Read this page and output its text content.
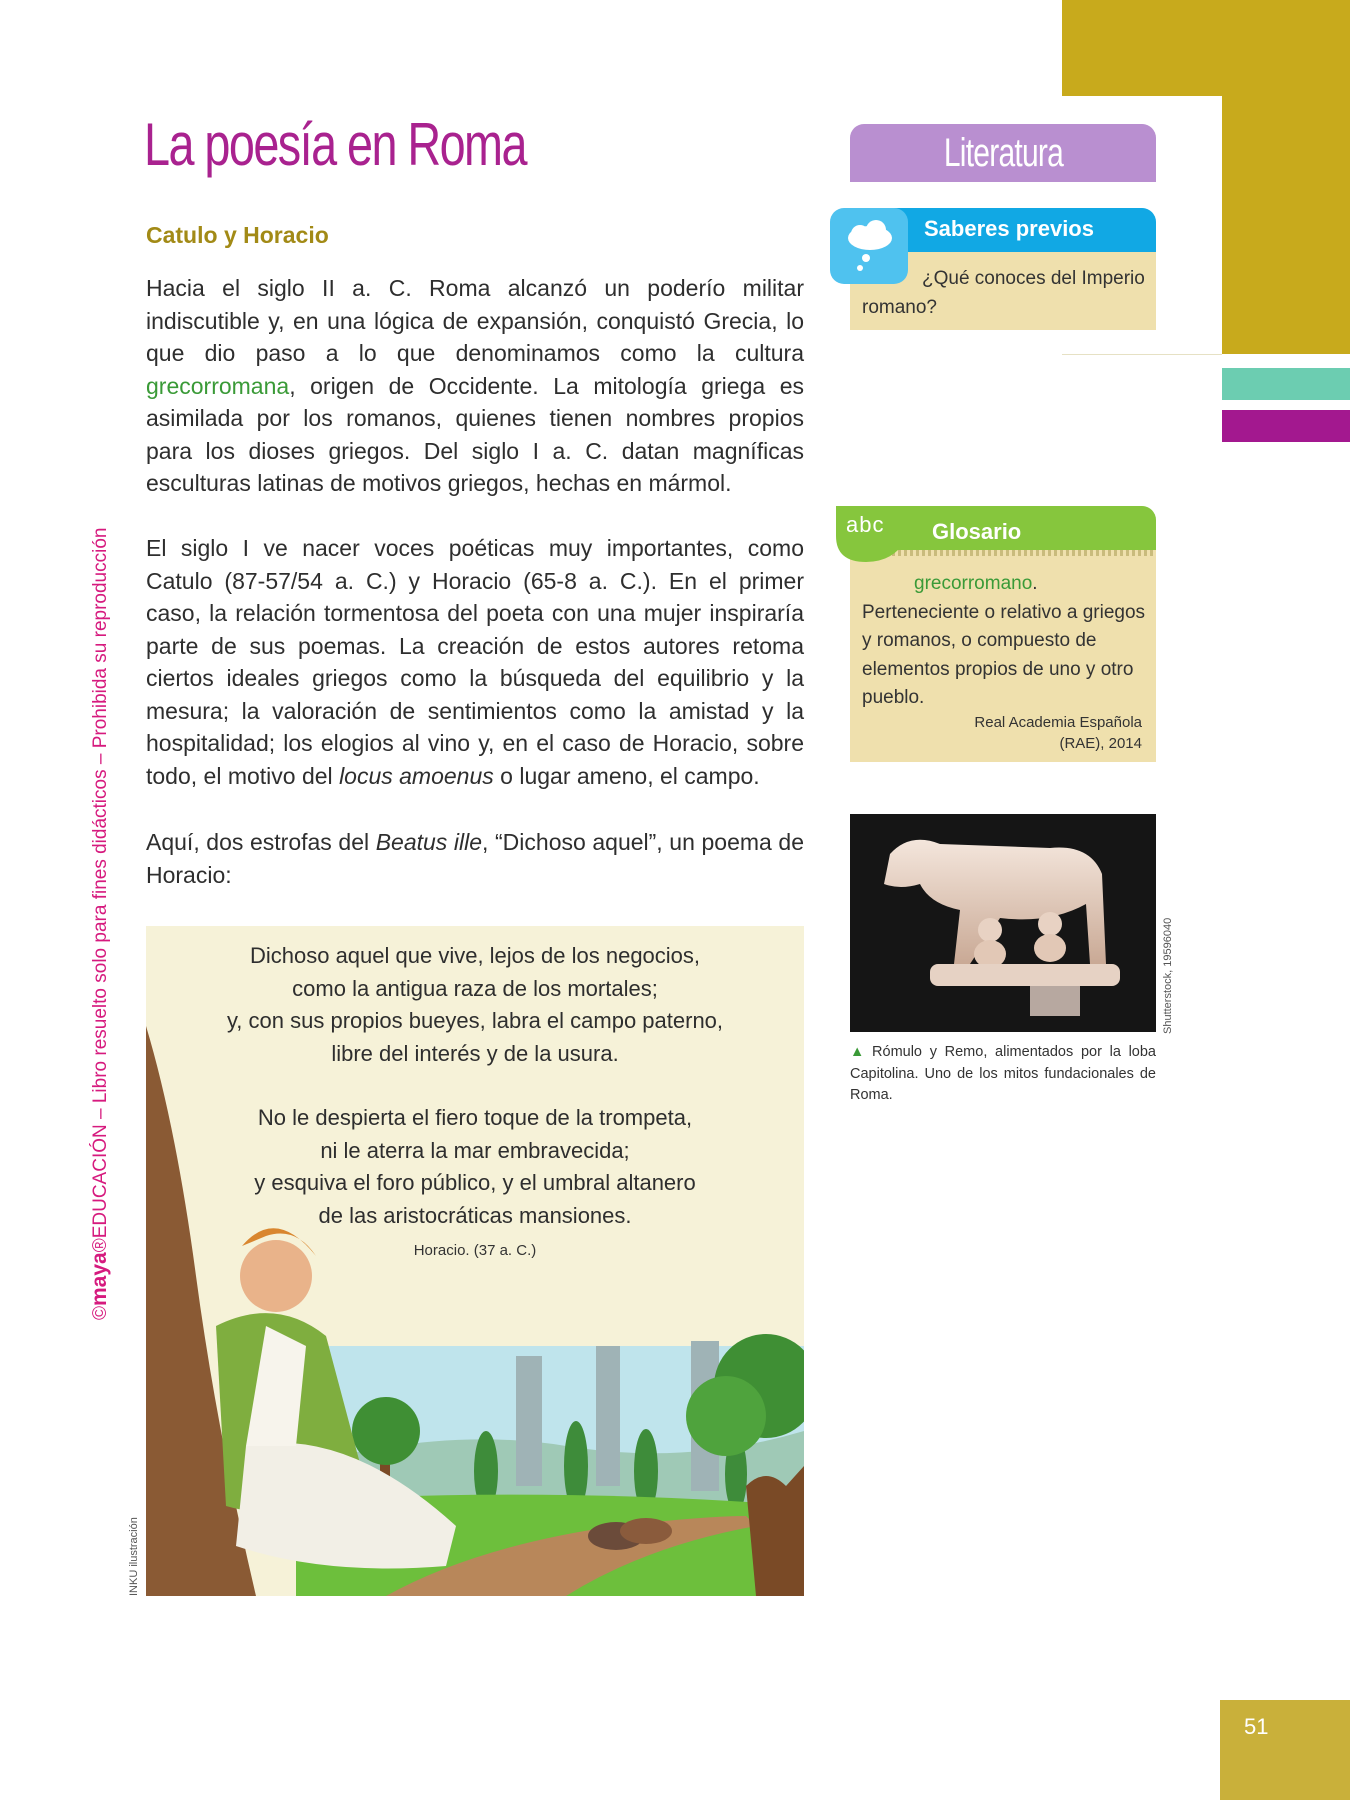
©maya®EDUCACIÓN – Libro resuelto solo para fines didácticos – Prohibida su reproducción
La poesía en Roma
Catulo y Horacio

Hacia el siglo II a. C. Roma alcanzó un poderío militar indiscutible y, en una lógica de expansión, conquistó Grecia, lo que dio paso a lo que denominamos como la cultura grecorromana, origen de Occidente. La mitología griega es asimilada por los romanos, quienes tienen nombres propios para los dioses griegos. Del siglo I a. C. datan magníficas esculturas latinas de motivos griegos, hechas en mármol.

El siglo I ve nacer voces poéticas muy importantes, como Catulo (87-57/54 a. C.) y Horacio (65-8 a. C.). En el primer caso, la relación tormentosa del poeta con una mujer inspiraría parte de sus poemas. La creación de estos autores retoma ciertos ideales griegos como la búsqueda del equilibrio y la mesura; la valoración de sentimientos como la amistad y la hospitalidad; los elogios al vino y, en el caso de Horacio, sobre todo, el motivo del locus amoenus o lugar ameno, el campo.

Aquí, dos estrofas del Beatus ille, “Dichoso aquel”, un poema de Horacio:

Dichoso aquel que vive, lejos de los negocios,
como la antigua raza de los mortales;
y, con sus propios bueyes, labra el campo paterno,
libre del interés y de la usura.
No le despierta el fiero toque de la trompeta,
ni le aterra la mar embravecida;
y esquiva el foro público, y el umbral altanero
de las aristocráticas mansiones.
Horacio. (37 a. C.)
INKU ilustración
Literatura
Saberes previos
¿Qué conoces del Imperio romano?
abc Glosario
grecorromano. Perteneciente o relativo a griegos y romanos, o compuesto de elementos propios de uno y otro pueblo.
Real Academia Española
(RAE), 2014
Shutterstock, 19596040
▲ Rómulo y Remo, alimentados por la loba Capitolina. Uno de los mitos fundacionales de Roma.
51
